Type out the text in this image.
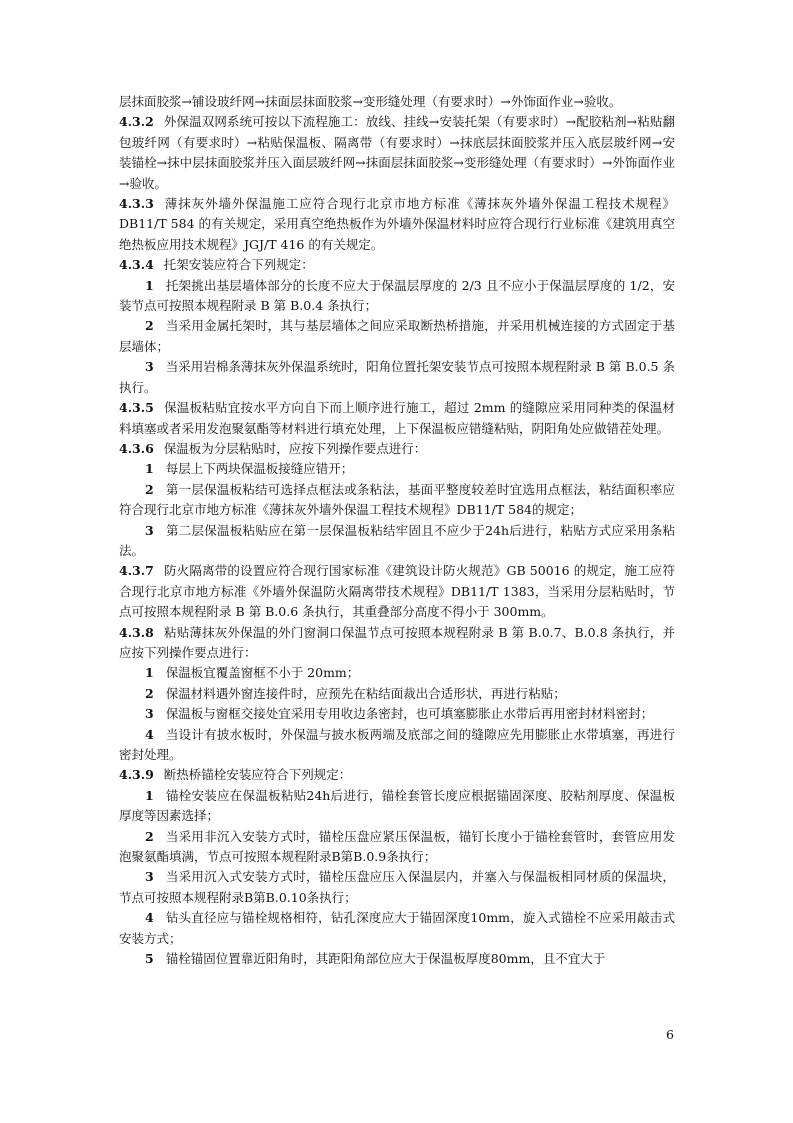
层抹面胶浆→铺设玻纤网→抹面层抹面胶浆→变形缝处理（有要求时）→外饰面作业→验收。

4.3.2 外保温双网系统可按以下流程施工：放线、挂线→安装托架（有要求时）→配胶粘剂→粘贴翻包玻纤网（有要求时）→粘贴保温板、隔离带（有要求时）→抹底层抹面胶浆并压入底层玻纤网→安装锚栓→抹中层抹面胶浆并压入面层玻纤网→抹面层抹面胶浆→变形缝处理（有要求时）→外饰面作业→验收。

4.3.3 薄抹灰外墙外保温施工应符合现行北京市地方标准《薄抹灰外墙外保温工程技术规程》DB11/T 584 的有关规定，采用真空绝热板作为外墙外保温材料时应符合现行行业标准《建筑用真空绝热板应用技术规程》JGJ/T 416 的有关规定。

4.3.4 托架安装应符合下列规定：

1 托架挑出基层墙体部分的长度不应大于保温层厚度的 2/3 且不应小于保温层厚度的 1/2，安装节点可按照本规程附录 B 第 B.0.4 条执行；

2 当采用金属托架时，其与基层墙体之间应采取断热桥措施，并采用机械连接的方式固定于基层墙体；

3 当采用岩棉条薄抹灰外保温系统时，阳角位置托架安装节点可按照本规程附录 B 第 B.0.5 条执行。

4.3.5 保温板粘贴宜按水平方向自下而上顺序进行施工，超过 2mm 的缝隙应采用同种类的保温材料填塞或者采用发泡聚氨酯等材料进行填充处理，上下保温板应错缝粘贴，阴阳角处应做错茬处理。

4.3.6 保温板为分层粘贴时，应按下列操作要点进行：

1 每层上下两块保温板接缝应错开；

2 第一层保温板粘结可选择点框法或条粘法，基面平整度较差时宜选用点框法，粘结面积率应符合现行北京市地方标准《薄抹灰外墙外保温工程技术规程》DB11/T 584的规定；

3 第二层保温板粘贴应在第一层保温板粘结牢固且不应少于24h后进行，粘贴方式应采用条粘法。

4.3.7 防火隔离带的设置应符合现行国家标准《建筑设计防火规范》GB 50016 的规定，施工应符合现行北京市地方标准《外墙外保温防火隔离带技术规程》DB11/T 1383，当采用分层粘贴时，节点可按照本规程附录 B 第 B.0.6 条执行，其重叠部分高度不得小于 300mm。

4.3.8 粘贴薄抹灰外保温的外门窗洞口保温节点可按照本规程附录 B 第 B.0.7、B.0.8 条执行，并应按下列操作要点进行：

1 保温板宜覆盖窗框不小于 20mm；

2 保温材料遇外窗连接件时，应预先在粘结面裁出合适形状，再进行粘贴；

3 保温板与窗框交接处宜采用专用收边条密封，也可填塞膨胀止水带后再用密封材料密封；

4 当设计有披水板时，外保温与披水板两端及底部之间的缝隙应先用膨胀止水带填塞，再进行密封处理。

4.3.9 断热桥锚栓安装应符合下列规定：

1 锚栓安装应在保温板粘贴24h后进行，锚栓套管长度应根据锚固深度、胶粘剂厚度、保温板厚度等因素选择；

2 当采用非沉入安装方式时，锚栓压盘应紧压保温板，锚钉长度小于锚栓套管时，套管应用发泡聚氨酯填满，节点可按照本规程附录B第B.0.9条执行；

3 当采用沉入式安装方式时，锚栓压盘应压入保温层内，并塞入与保温板相同材质的保温块，节点可按照本规程附录B第B.0.10条执行；

4 钻头直径应与锚栓规格相符，钻孔深度应大于锚固深度10mm，旋入式锚栓不应采用敲击式安装方式；

5 锚栓锚固位置靠近阳角时，其距阳角部位应大于保温板厚度80mm，且不宜大于

6
